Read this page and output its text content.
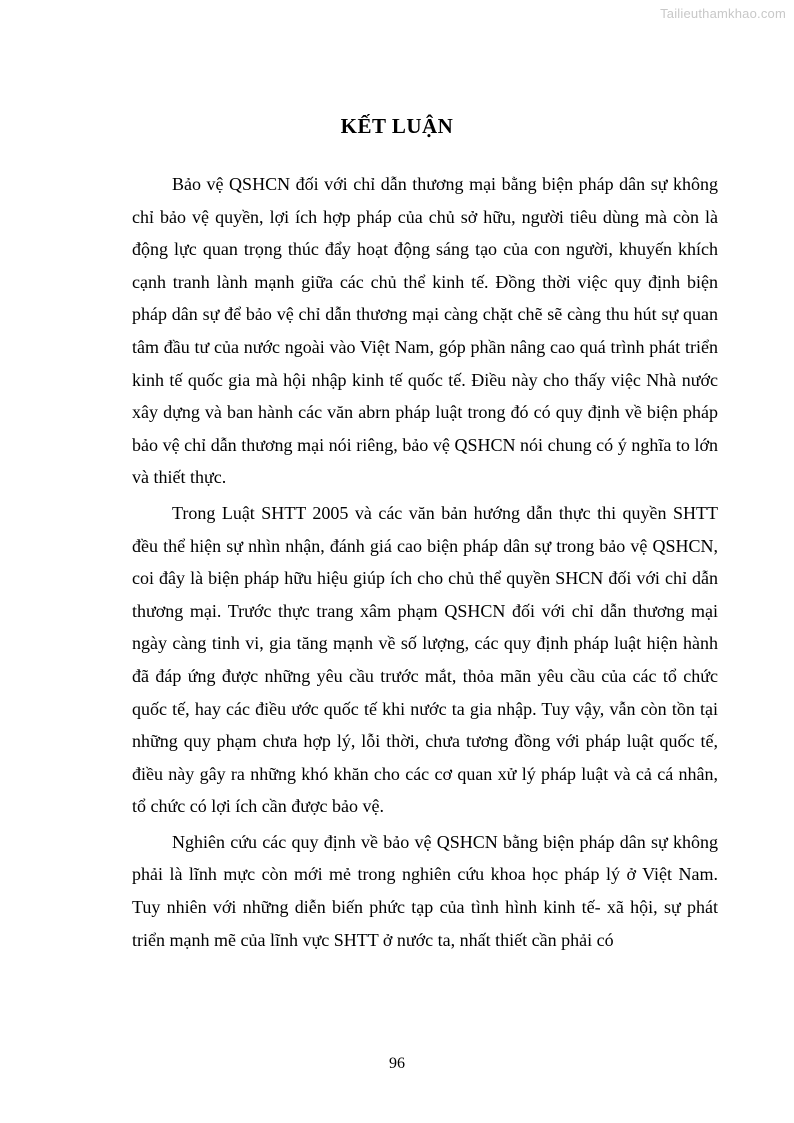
Tailieuthamkhao.com
KẾT LUẬN

Bảo vệ QSHCN đối với chỉ dẫn thương mại bằng biện pháp dân sự không chỉ bảo vệ quyền, lợi ích hợp pháp của chủ sở hữu, người tiêu dùng mà còn là động lực quan trọng thúc đẩy hoạt động sáng tạo của con người, khuyến khích cạnh tranh lành mạnh giữa các chủ thể kinh tế. Đồng thời việc quy định biện pháp dân sự để bảo vệ chỉ dẫn thương mại càng chặt chẽ sẽ càng thu hút sự quan tâm đầu tư của nước ngoài vào Việt Nam, góp phần nâng cao quá trình phát triển kinh tế quốc gia mà hội nhập kinh tế quốc tế. Điều này cho thấy việc Nhà nước xây dựng và ban hành các văn abrn pháp luật trong đó có quy định về biện pháp bảo vệ chỉ dẫn thương mại nói riêng, bảo vệ QSHCN nói chung có ý nghĩa to lớn và thiết thực.

Trong Luật SHTT 2005 và các văn bản hướng dẫn thực thi quyền SHTT đều thể hiện sự nhìn nhận, đánh giá cao biện pháp dân sự trong bảo vệ QSHCN, coi đây là biện pháp hữu hiệu giúp ích cho chủ thể quyền SHCN đối với chỉ dẫn thương mại. Trước thực trang xâm phạm QSHCN đối với chỉ dẫn thương mại ngày càng tinh vi, gia tăng mạnh về số lượng, các quy định pháp luật hiện hành đã đáp ứng được những yêu cầu trước mắt, thỏa mãn yêu cầu của các tổ chức quốc tế, hay các điều ước quốc tế khi nước ta gia nhập. Tuy vậy, vẫn còn tồn tại những quy phạm chưa hợp lý, lỗi thời, chưa tương đồng với pháp luật quốc tế, điều này gây ra những khó khăn cho các cơ quan xử lý pháp luật và cả cá nhân, tổ chức có lợi ích cần được bảo vệ.

Nghiên cứu các quy định về bảo vệ QSHCN bằng biện pháp dân sự không phải là lĩnh mực còn mới mẻ trong nghiên cứu khoa học pháp lý ở Việt Nam. Tuy nhiên với những diễn biến phức tạp của tình hình kinh tế- xã hội, sự phát triển mạnh mẽ của lĩnh vực SHTT ở nước ta, nhất thiết cần phải có

96
